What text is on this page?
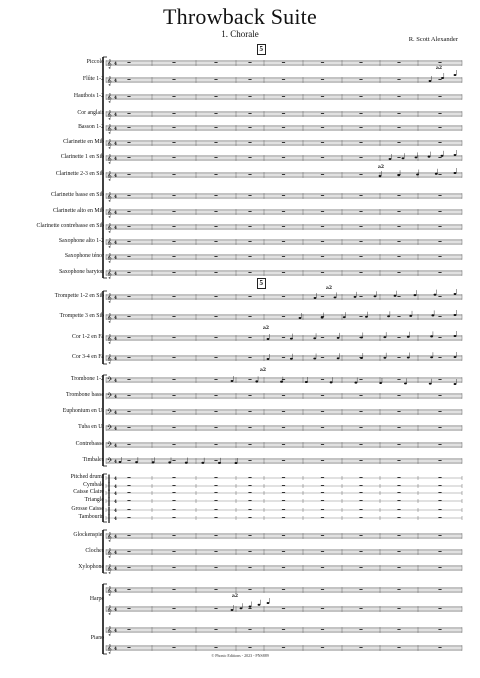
Throwback Suite
1. Chorale
R. Scott Alexander
𝄞 4
𝄞 4
𝄞 4
𝄞 4
𝄞 4
𝄞 4
𝄞 4
𝄞 4
𝄞 4
𝄞 4
𝄞 4
𝄞 4
𝄞 4
𝄞 4
𝄞 4
𝄞 4
𝄞 4
𝄞 4
𝄢 4
𝄢 4
𝄢 4
𝄢 4
𝄢 4
𝄢 4
‖ 4
‖ 4
‖ 4
‖ 4
‖ 4
‖ 4
𝄞 4
𝄞 4
𝄞 4
𝄞 4
𝄞 4
𝄞 4
𝄞 4
a2
a2
a2
a2
a2
a2
Piccolo
Flûte 1-2
Hautbois 1-2
Cor anglais
Basson 1-2
Clarinette en Mib
Clarinette 1 en Sib
Clarinette 2-3 en Sib
Clarinette basse en Sib
Clarinette alto en Mib
Clarinette contrebasse en Sib
Saxophone alto 1-2
Saxophone ténor
Saxophone baryton
Trompette 1-2 en Sib
Trompette 3 en Sib
Cor 1-2 en Fa
Cor 3-4 en Fa
Trombone 1-2
Trombone basse
Euphonium en Ut
Tuba en Ut
Contrebasse
Timbales
Pitched drums
Cymbale
Caisse Claire
Triangle
Grosse Caisse
Tambourin
Glockenspiel
Cloches
Xylophone
Harpe
Piano
5
5
© Phonic Editions - 2023 - PNS889
